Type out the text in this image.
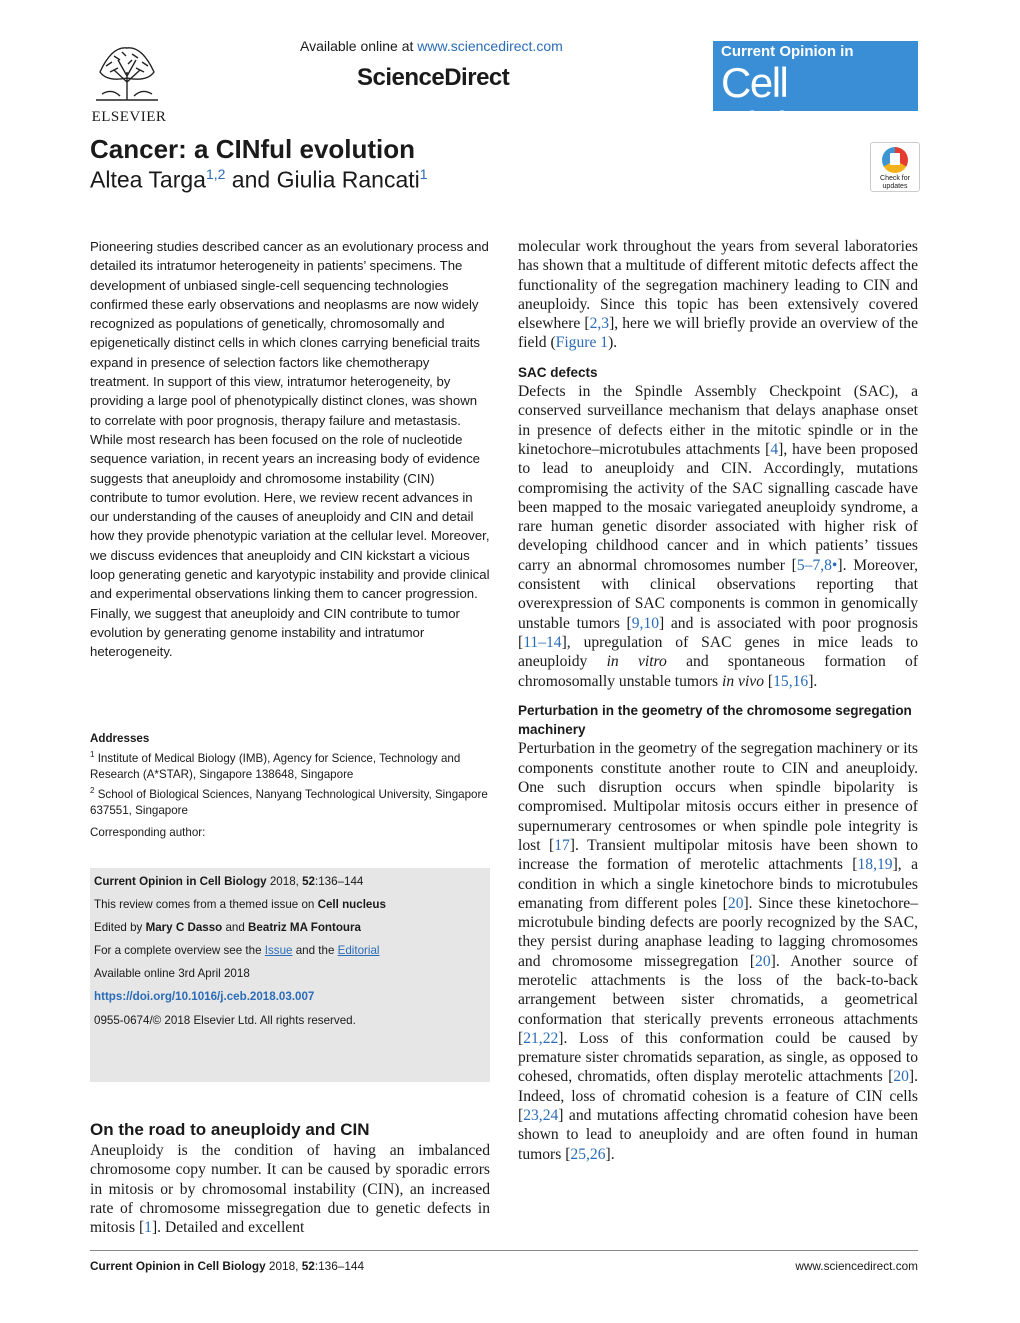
ELSEVIER
Available online at www.sciencedirect.com
ScienceDirect
Current Opinion in
Cell Biology
Cancer: a CINful evolution
Altea Targa$^{1,2}$ and Giulia Rancati$^1$	Check for updates

Pioneering studies described cancer as an evolutionary process and detailed its intratumor heterogeneity in patients’ specimens. The development of unbiased single-cell sequencing technologies confirmed these early observations and neoplasms are now widely recognized as populations of genetically, chromosomally and epigenetically distinct cells in which clones carrying beneficial traits expand in presence of selection factors like chemotherapy treatment. In support of this view, intratumor heterogeneity, by providing a large pool of phenotypically distinct clones, was shown to correlate with poor prognosis, therapy failure and metastasis. While most research has been focused on the role of nucleotide sequence variation, in recent years an increasing body of evidence suggests that aneuploidy and chromosome instability (CIN) contribute to tumor evolution. Here, we review recent advances in our understanding of the causes of aneuploidy and CIN and detail how they provide phenotypic variation at the cellular level. Moreover, we discuss evidences that aneuploidy and CIN kickstart a vicious loop generating genetic and karyotypic instability and provide clinical and experimental observations linking them to cancer progression. Finally, we suggest that aneuploidy and CIN contribute to tumor evolution by generating genome instability and intratumor heterogeneity.

Addresses
$^1$ Institute of Medical Biology (IMB), Agency for Science, Technology and Research (A*STAR), Singapore 138648, Singapore
$^2$ School of Biological Sciences, Nanyang Technological University, Singapore 637551, Singapore
Corresponding author:
Current Opinion in Cell Biology 2018, 52:136–144
This review comes from a themed issue on Cell nucleus
Edited by Mary C Dasso and Beatriz MA Fontoura
For a complete overview see the Issue and the Editorial
Available online 3rd April 2018
https://doi.org/10.1016/j.ceb.2018.03.007
0955-0674/© 2018 Elsevier Ltd. All rights reserved.
On the road to aneuploidy and CIN

Aneuploidy is the condition of having an imbalanced chromosome copy number. It can be caused by sporadic errors in mitosis or by chromosomal instability (CIN), an increased rate of chromosome missegregation due to genetic defects in mitosis [1]. Detailed and excellent

molecular work throughout the years from several laboratories has shown that a multitude of different mitotic defects affect the functionality of the segregation machinery leading to CIN and aneuploidy. Since this topic has been extensively covered elsewhere [2,3], here we will briefly provide an overview of the field (Figure 1).

SAC defects

Defects in the Spindle Assembly Checkpoint (SAC), a conserved surveillance mechanism that delays anaphase onset in presence of defects either in the mitotic spindle or in the kinetochore–microtubules attachments [4], have been proposed to lead to aneuploidy and CIN. Accordingly, mutations compromising the activity of the SAC signalling cascade have been mapped to the mosaic variegated aneuploidy syndrome, a rare human genetic disorder associated with higher risk of developing childhood cancer and in which patients’ tissues carry an abnormal chromosomes number [5–7,8•]. Moreover, consistent with clinical observations reporting that overexpression of SAC components is common in genomically unstable tumors [9,10] and is associated with poor prognosis [11–14], upregulation of SAC genes in mice leads to aneuploidy in vitro and spontaneous formation of chromosomally unstable tumors in vivo [15,16].

Perturbation in the geometry of the chromosome segregation machinery

Perturbation in the geometry of the segregation machinery or its components constitute another route to CIN and aneuploidy. One such disruption occurs when spindle bipolarity is compromised. Multipolar mitosis occurs either in presence of supernumerary centrosomes or when spindle pole integrity is lost [17]. Transient multipolar mitosis have been shown to increase the formation of merotelic attachments [18,19], a condition in which a single kinetochore binds to microtubules emanating from different poles [20]. Since these kinetochore–microtubule binding defects are poorly recognized by the SAC, they persist during anaphase leading to lagging chromosomes and chromosome missegregation [20]. Another source of merotelic attachments is the loss of the back-to-back arrangement between sister chromatids, a geometrical conformation that sterically prevents erroneous attachments [21,22]. Loss of this conformation could be caused by premature sister chromatids separation, as single, as opposed to cohesed, chromatids, often display merotelic attachments [20]. Indeed, loss of chromatid cohesion is a feature of CIN cells [23,24] and mutations affecting chromatid cohesion have been shown to lead to aneuploidy and are often found in human tumors [25,26].

Current Opinion in Cell Biology 2018, 52:136–144	www.sciencedirect.com
